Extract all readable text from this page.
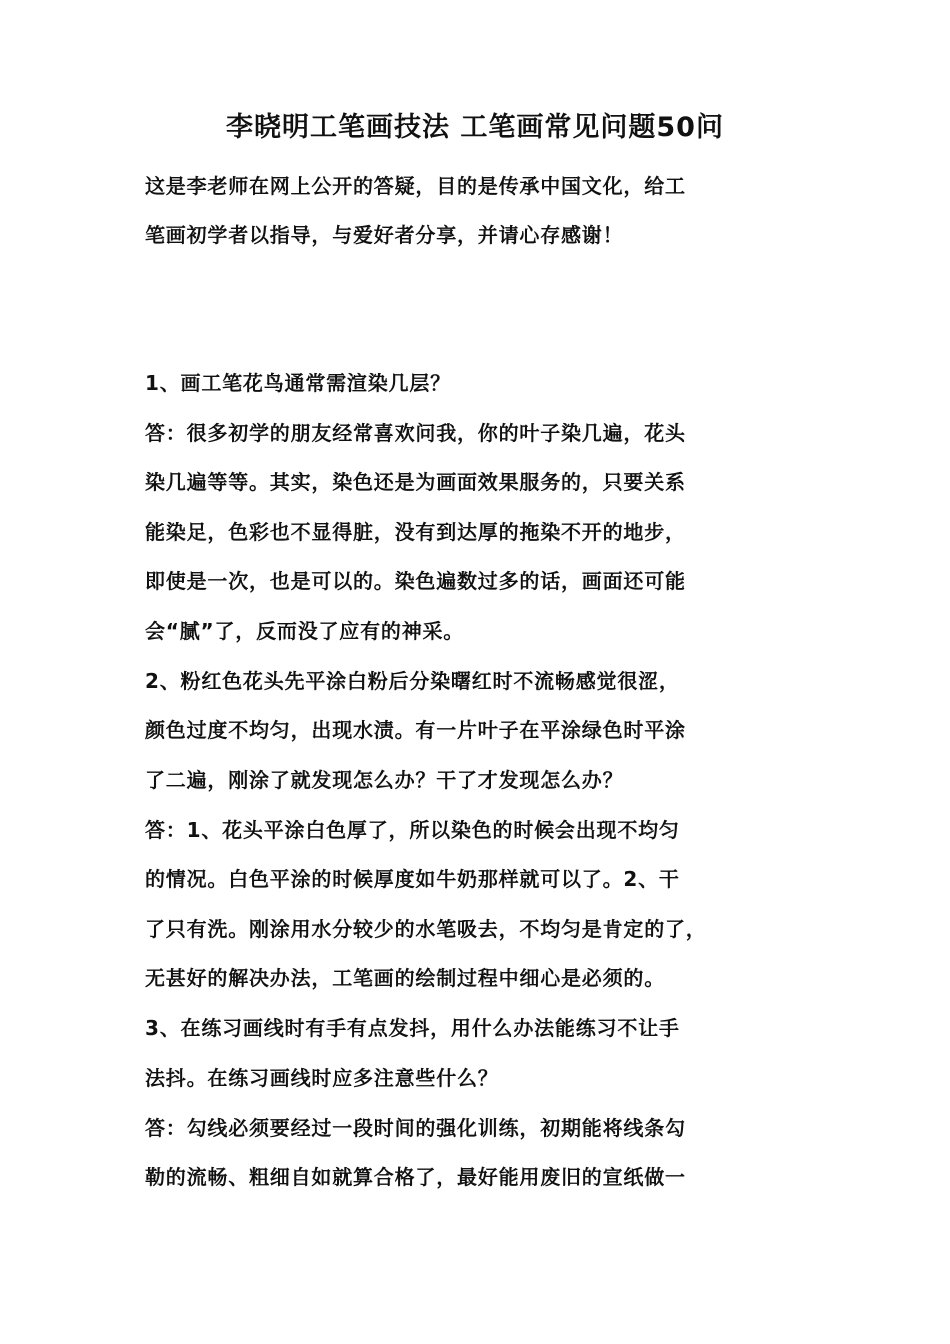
李晓明工笔画技法 工笔画常见问题50问
这是李老师在网上公开的答疑，目的是传承中国文化，给工
笔画初学者以指导，与爱好者分享，并请心存感谢！
1、画工笔花鸟通常需渲染几层？
答：很多初学的朋友经常喜欢问我，你的叶子染几遍，花头
染几遍等等。其实，染色还是为画面效果服务的，只要关系
能染足，色彩也不显得脏，没有到达厚的拖染不开的地步，
即使是一次，也是可以的。染色遍数过多的话，画面还可能
会“腻”了，反而没了应有的神采。
2、粉红色花头先平涂白粉后分染曙红时不流畅感觉很涩，
颜色过度不均匀，出现水渍。有一片叶子在平涂绿色时平涂
了二遍，刚涂了就发现怎么办？干了才发现怎么办？
答：1、花头平涂白色厚了，所以染色的时候会出现不均匀
的情况。白色平涂的时候厚度如牛奶那样就可以了。2、干
了只有洗。刚涂用水分较少的水笔吸去，不均匀是肯定的了，
无甚好的解决办法，工笔画的绘制过程中细心是必须的。
3、在练习画线时有手有点发抖，用什么办法能练习不让手
法抖。在练习画线时应多注意些什么？
答：勾线必须要经过一段时间的强化训练，初期能将线条勾
勒的流畅、粗细自如就算合格了，最好能用废旧的宣纸做一
